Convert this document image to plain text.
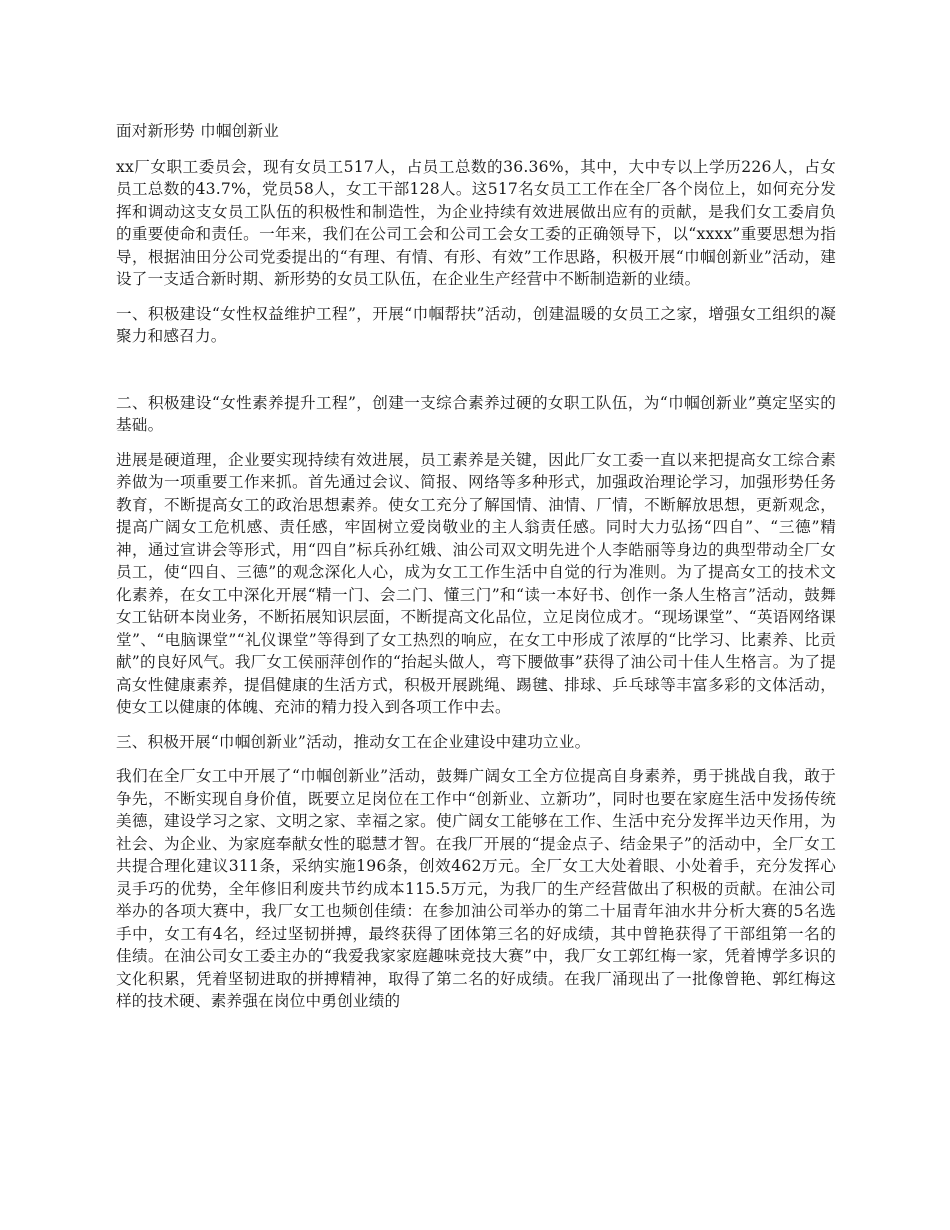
面对新形势 巾帼创新业

xx厂女职工委员会，现有女员工517人，占员工总数的36.36%，其中，大中专以上学历226人，占女员工总数的43.7%，党员58人，女工干部128人。这517名女员工工作在全厂各个岗位上，如何充分发挥和调动这支女员工队伍的积极性和制造性，为企业持续有效进展做出应有的贡献，是我们女工委肩负的重要使命和责任。一年来，我们在公司工会和公司工会女工委的正确领导下，以“xxxx”重要思想为指导，根据油田分公司党委提出的“有理、有情、有形、有效”工作思路，积极开展“巾帼创新业”活动，建设了一支适合新时期、新形势的女员工队伍，在企业生产经营中不断制造新的业绩。

一、积极建设“女性权益维护工程”，开展“巾帼帮扶”活动，创建温暖的女员工之家，增强女工组织的凝聚力和感召力。

二、积极建设“女性素养提升工程”，创建一支综合素养过硬的女职工队伍，为“巾帼创新业”奠定坚实的基础。

进展是硬道理，企业要实现持续有效进展，员工素养是关键，因此厂女工委一直以来把提高女工综合素养做为一项重要工作来抓。首先通过会议、简报、网络等多种形式，加强政治理论学习，加强形势任务教育，不断提高女工的政治思想素养。使女工充分了解国情、油情、厂情，不断解放思想，更新观念，提高广阔女工危机感、责任感，牢固树立爱岗敬业的主人翁责任感。同时大力弘扬“四自”、“三德”精神，通过宣讲会等形式，用“四自”标兵孙红娥、油公司双文明先进个人李皓丽等身边的典型带动全厂女员工，使“四自、三德”的观念深化人心，成为女工工作生活中自觉的行为准则。为了提高女工的技术文化素养，在女工中深化开展“精一门、会二门、懂三门”和“读一本好书、创作一条人生格言”活动，鼓舞女工钻研本岗业务，不断拓展知识层面，不断提高文化品位，立足岗位成才。“现场课堂”、“英语网络课堂”、“电脑课堂”“礼仪课堂”等得到了女工热烈的响应，在女工中形成了浓厚的“比学习、比素养、比贡献”的良好风气。我厂女工侯丽萍创作的“抬起头做人，弯下腰做事”获得了油公司十佳人生格言。为了提高女性健康素养，提倡健康的生活方式，积极开展跳绳、踢毽、排球、乒乓球等丰富多彩的文体活动，使女工以健康的体魄、充沛的精力投入到各项工作中去。

三、积极开展“巾帼创新业”活动，推动女工在企业建设中建功立业。

我们在全厂女工中开展了“巾帼创新业”活动，鼓舞广阔女工全方位提高自身素养，勇于挑战自我，敢于争先，不断实现自身价值，既要立足岗位在工作中“创新业、立新功”，同时也要在家庭生活中发扬传统美德，建设学习之家、文明之家、幸福之家。使广阔女工能够在工作、生活中充分发挥半边天作用，为社会、为企业、为家庭奉献女性的聪慧才智。在我厂开展的“提金点子、结金果子”的活动中，全厂女工共提合理化建议311条，采纳实施196条，创效462万元。全厂女工大处着眼、小处着手，充分发挥心灵手巧的优势，全年修旧利废共节约成本115.5万元，为我厂的生产经营做出了积极的贡献。在油公司举办的各项大赛中，我厂女工也频创佳绩：在参加油公司举办的第二十届青年油水井分析大赛的5名选手中，女工有4名，经过坚韧拼搏，最终获得了团体第三名的好成绩，其中曾艳获得了干部组第一名的佳绩。在油公司女工委主办的“我爱我家家庭趣味竞技大赛”中，我厂女工郭红梅一家，凭着博学多识的文化积累，凭着坚韧进取的拼搏精神，取得了第二名的好成绩。在我厂涌现出了一批像曾艳、郭红梅这样的技术硬、素养强在岗位中勇创业绩的
